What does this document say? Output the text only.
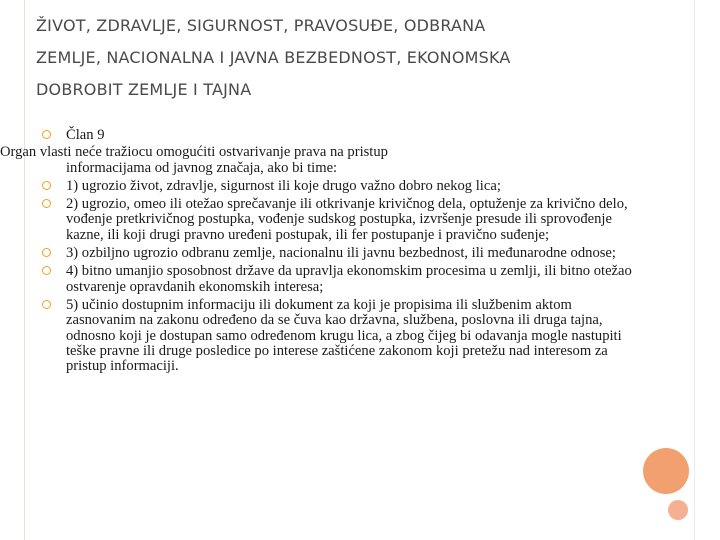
ŽIVOT, ZDRAVLJE, SIGURNOST, PRAVOSUĐE, ODBRANA
ZEMLJE, NACIONALNA I JAVNA BEZBEDNOST, EKONOMSKA
DOBROBIT ZEMLJE I TAJNA

Član 9

Organ vlasti neće tražiocu omogućiti ostvarivanje prava na pristup
informacijama od javnog značaja, ako bi time:

1) ugrozio život, zdravlje, sigurnost ili koje drugo važno dobro nekog lica;

2) ugrozio, omeo ili otežao sprečavanje ili otkrivanje krivičnog dela, optuženje za krivično delo, vođenje pretkrivičnog postupka, vođenje sudskog postupka, izvršenje presude ili sprovođenje kazne, ili koji drugi pravno uređeni postupak, ili fer postupanje i pravično suđenje;

3) ozbiljno ugrozio odbranu zemlje, nacionalnu ili javnu bezbednost, ili međunarodne odnose;

4) bitno umanjio sposobnost države da upravlja ekonomskim procesima u zemlji, ili bitno otežao ostvarenje opravdanih ekonomskih interesa;

5) učinio dostupnim informaciju ili dokument za koji je propisima ili službenim aktom zasnovanim na zakonu određeno da se čuva kao državna, službena, poslovna ili druga tajna, odnosno koji je dostupan samo određenom krugu lica, a zbog čijeg bi odavanja mogle nastupiti teške pravne ili druge posledice po interese zaštićene zakonom koji pretežu nad interesom za pristup informaciji.
